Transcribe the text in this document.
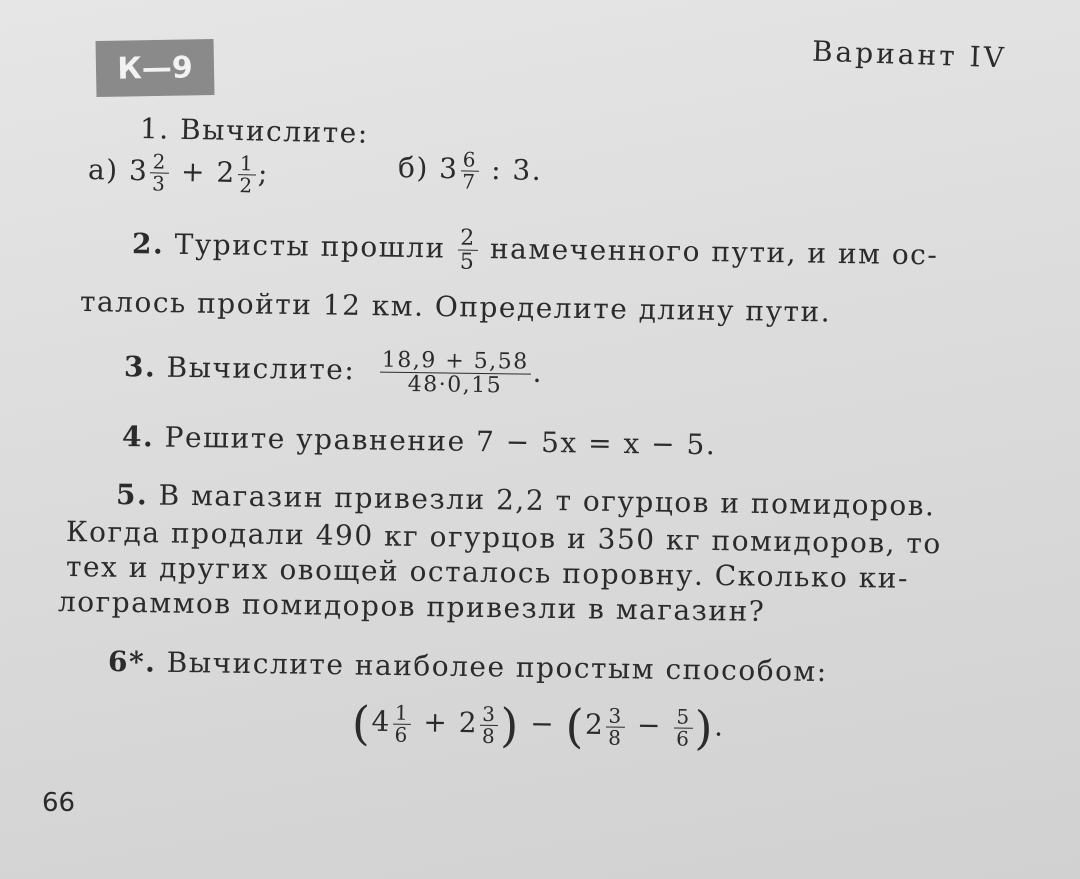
К—9	Вариант IV
1. Вычислите:
а) $3 \frac{2}{3} + 2 \frac{1}{2}$ ;	б) $3 \frac{6}{7}$ : 3.
2. Туристы прошли $\frac{2}{5}$ намеченного пути, и им ос-
талось пройти 12 км. Определите длину пути.
3. Вычислите: $\frac{18,9 + 5,58}{48\cdot 0,15}$ .
4. Решите уравнение 7 − 5x = x − 5.
5. В магазин привезли 2,2 т огурцов и помидоров.
Когда продали 490 кг огурцов и 350 кг помидоров, то
тех и других овощей осталось поровну. Сколько ки-
лограммов помидоров привезли в магазин?
6*. Вычислите наиболее простым способом:
($4 \frac{1}{6} + 2 \frac{3}{8}$ ) − ($2 \frac{3}{8} - \frac{5}{6}$ ).
66
